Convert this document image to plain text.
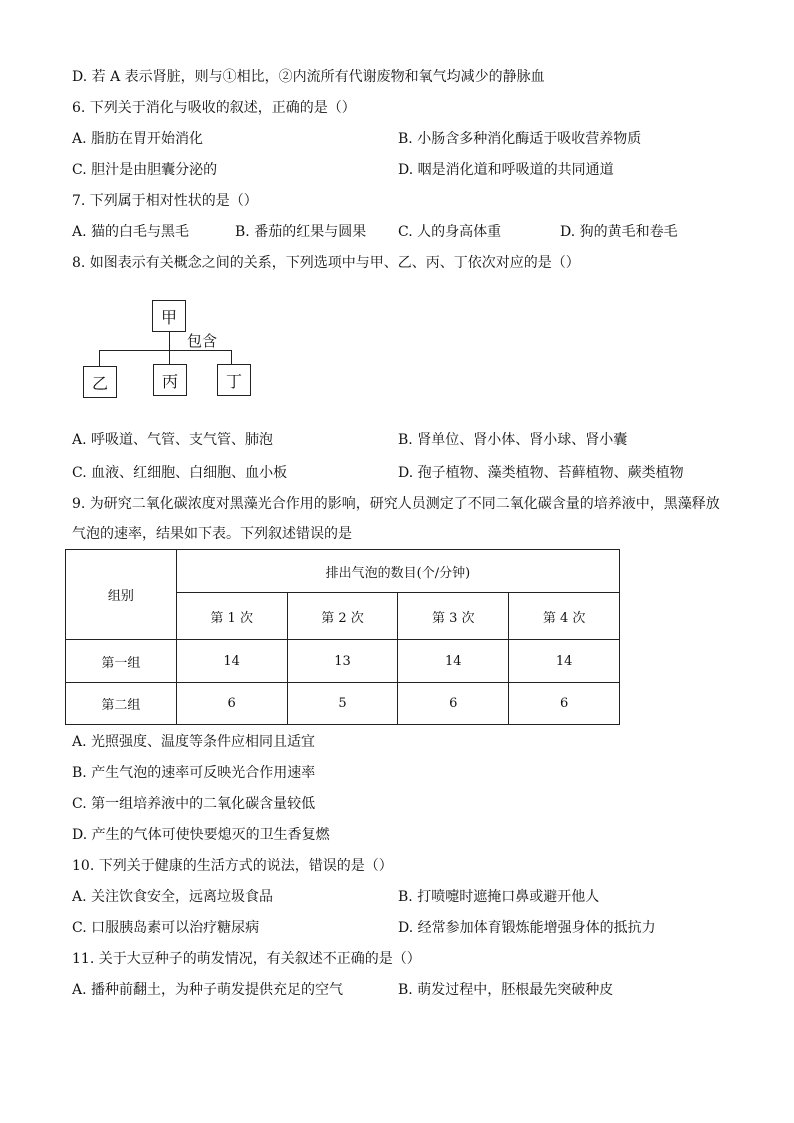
D. 若 A 表示肾脏，则与①相比，②内流所有代谢废物和氧气均减少的静脉血
6. 下列关于消化与吸收的叙述，正确的是（）
A. 脂肪在胃开始消化	B. 小肠含多种消化酶适于吸收营养物质
C. 胆汁是由胆囊分泌的	D. 咽是消化道和呼吸道的共同通道
7. 下列属于相对性状的是（）
A. 猫的白毛与黑毛	B. 番茄的红果与圆果 C. 人的身高体重	D. 狗的黄毛和卷毛
8. 如图表示有关概念之间的关系，下列选项中与甲、乙、丙、丁依次对应的是（）
甲
包含
乙	丙	丁
A. 呼吸道、气管、支气管、肺泡	B. 肾单位、肾小体、肾小球、肾小囊
C. 血液、红细胞、白细胞、血小板	D. 孢子植物、藻类植物、苔藓植物、蕨类植物
9. 为研究二氧化碳浓度对黑藻光合作用的影响，研究人员测定了不同二氧化碳含量的培养液中，黑藻释放
气泡的速率，结果如下表。下列叙述错误的是
组别	排出气泡的数目(个/分钟)			
	第 1 次	第 2 次	第 3 次	第 4 次
第一组	14	13	14	14
第二组	6	5	6	6
A. 光照强度、温度等条件应相同且适宜
B. 产生气泡的速率可反映光合作用速率
C. 第一组培养液中的二氧化碳含量较低
D. 产生的气体可使快要熄灭的卫生香复燃
10. 下列关于健康的生活方式的说法，错误的是（）
A. 关注饮食安全，远离垃圾食品	B. 打喷嚏时遮掩口鼻或避开他人
C. 口服胰岛素可以治疗糖尿病	D. 经常参加体育锻炼能增强身体的抵抗力
11. 关于大豆种子的萌发情况，有关叙述不正确的是（）
A. 播种前翻土，为种子萌发提供充足的空气	B. 萌发过程中，胚根最先突破种皮
